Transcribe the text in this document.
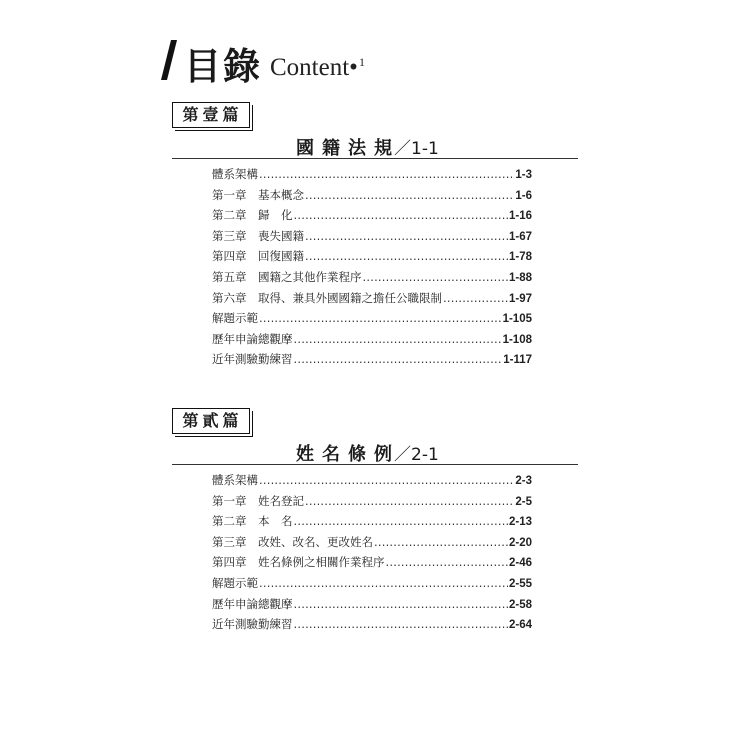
目錄 Content•$^1$
第壹篇
國籍法規／1-1
體系架構 .....	1-3
第一章　基本概念 .....	1-6
第二章　歸　化 .....	1-16
第三章　喪失國籍 .....	1-67
第四章　回復國籍 .....	1-78
第五章　國籍之其他作業程序 .....	1-88
第六章　取得、兼具外國國籍之擔任公職限制 .....	1-97
解題示範 .....	1-105
歷年申論總觀摩 .....	1-108
近年測驗勤練習 .....	1-117
第貳篇
姓名條例／2-1
體系架構 .....	2-3
第一章　姓名登記 .....	2-5
第二章　本　名 .....	2-13
第三章　改姓、改名、更改姓名 .....	2-20
第四章　姓名條例之相關作業程序 .....	2-46
解題示範 .....	2-55
歷年申論總觀摩 .....	2-58
近年測驗勤練習 .....	2-64
